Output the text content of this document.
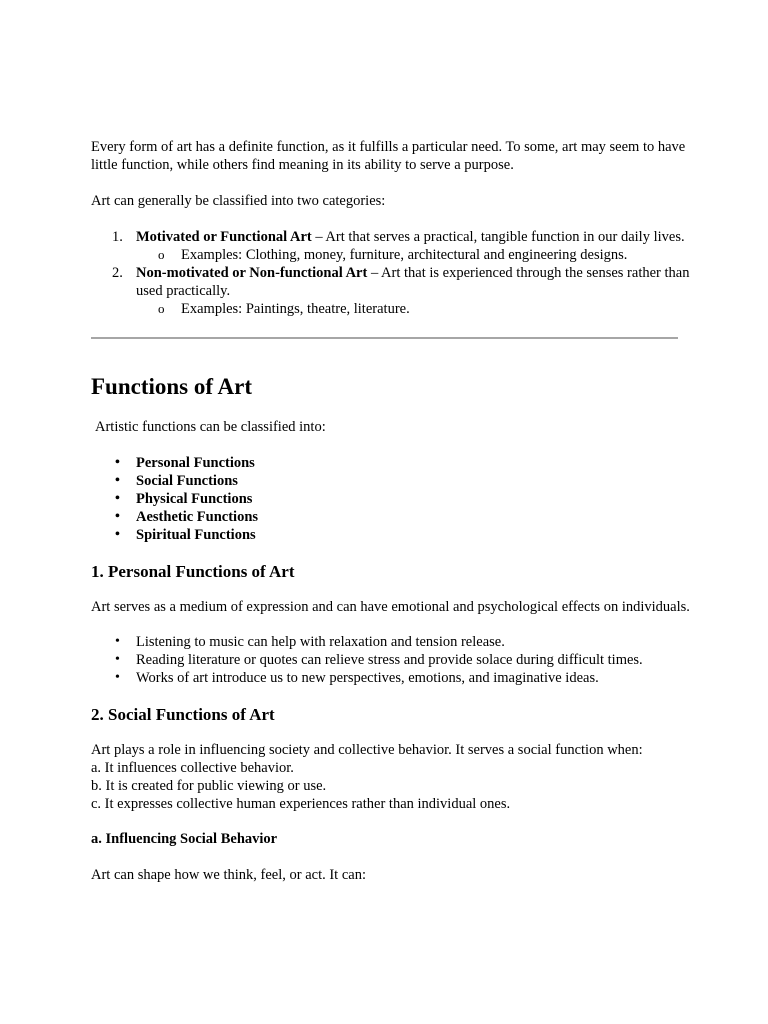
Every form of art has a definite function, as it fulfills a particular need. To some, art may seem to have little function, while others find meaning in its ability to serve a purpose.

Art can generally be classified into two categories:

Motivated or Functional Art – Art that serves a practical, tangible function in our daily lives.
o Examples: Clothing, money, furniture, architectural and engineering designs.
Non-motivated or Non-functional Art – Art that is experienced through the senses rather than used practically.
o Examples: Paintings, theatre, literature.
Functions of Art

Artistic functions can be classified into:

• Personal Functions
• Social Functions
• Physical Functions
• Aesthetic Functions
• Spiritual Functions
1. Personal Functions of Art

Art serves as a medium of expression and can have emotional and psychological effects on individuals.

• Listening to music can help with relaxation and tension release.
• Reading literature or quotes can relieve stress and provide solace during difficult times.
• Works of art introduce us to new perspectives, emotions, and imaginative ideas.
2. Social Functions of Art

Art plays a role in influencing society and collective behavior. It serves a social function when:
a. It influences collective behavior.
b. It is created for public viewing or use.
c. It expresses collective human experiences rather than individual ones.

a. Influencing Social Behavior

Art can shape how we think, feel, or act. It can:
